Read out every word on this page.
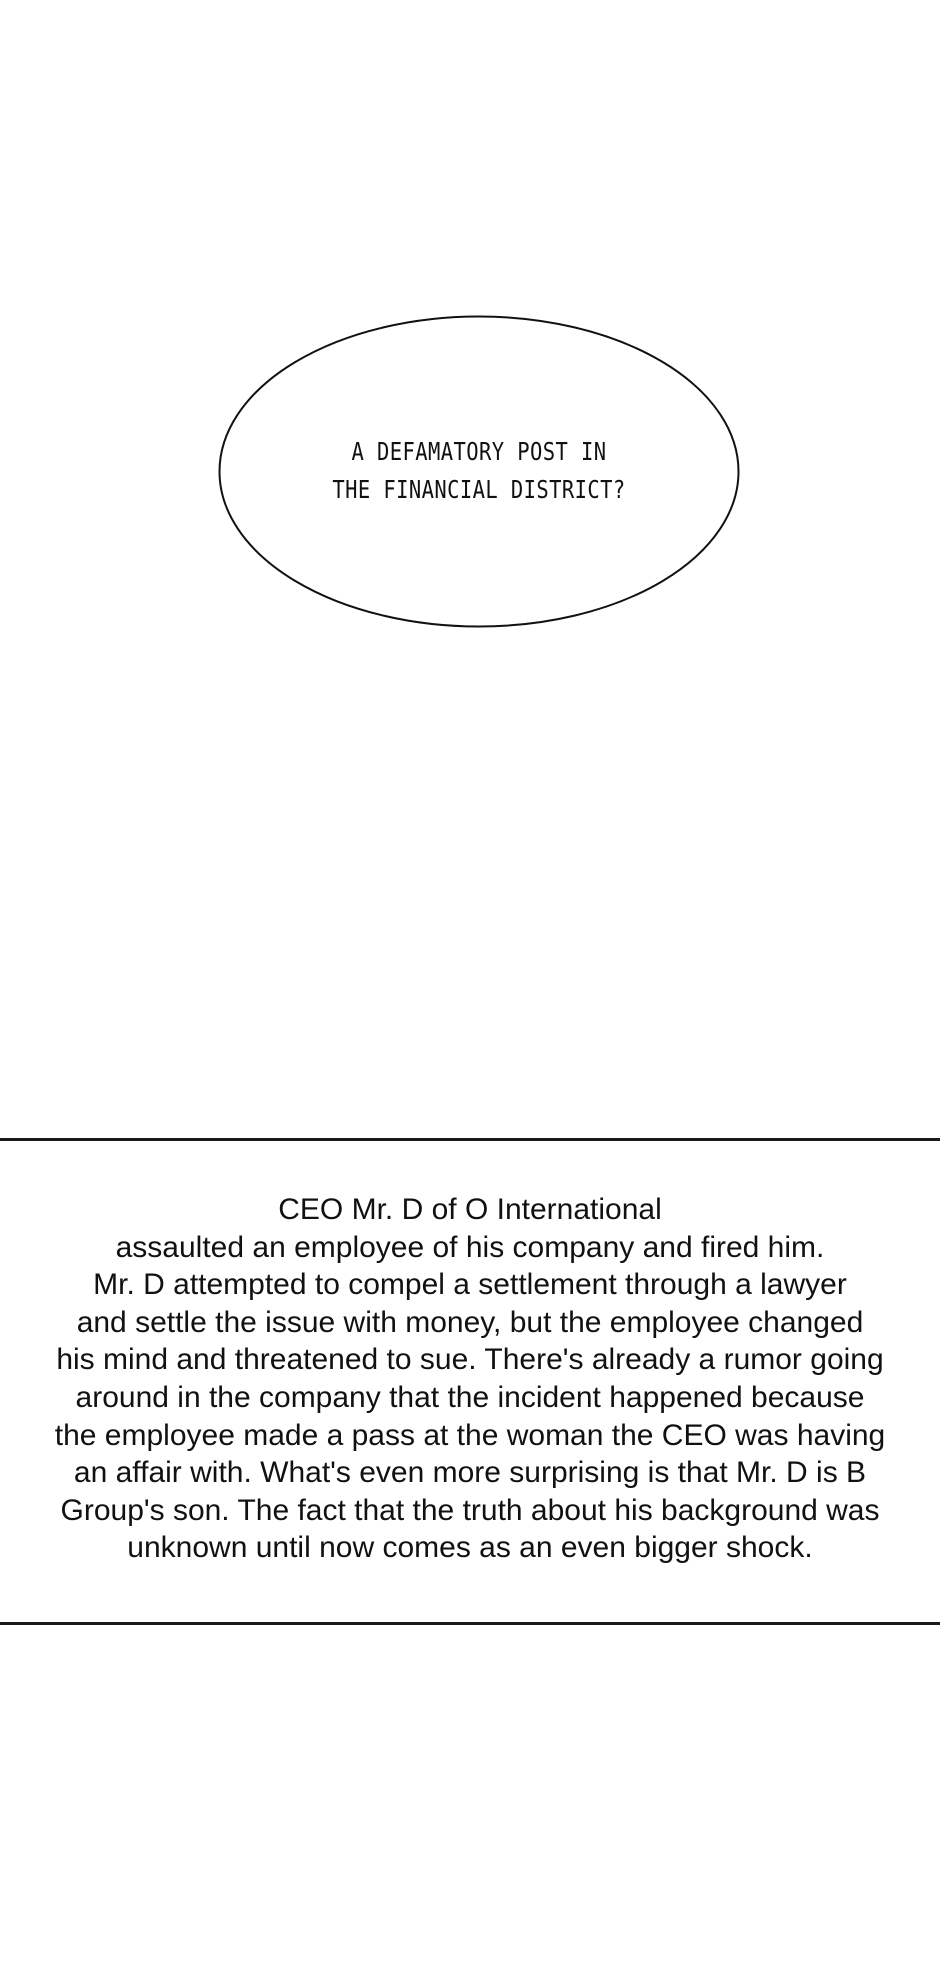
A DEFAMATORY POST IN
THE FINANCIAL DISTRICT?
CEO Mr. D of O International
assaulted an employee of his company and fired him.
Mr. D attempted to compel a settlement through a lawyer
and settle the issue with money, but the employee changed
his mind and threatened to sue. There's already a rumor going
around in the company that the incident happened because
the employee made a pass at the woman the CEO was having
an affair with. What's even more surprising is that Mr. D is B
Group's son. The fact that the truth about his background was
unknown until now comes as an even bigger shock.
